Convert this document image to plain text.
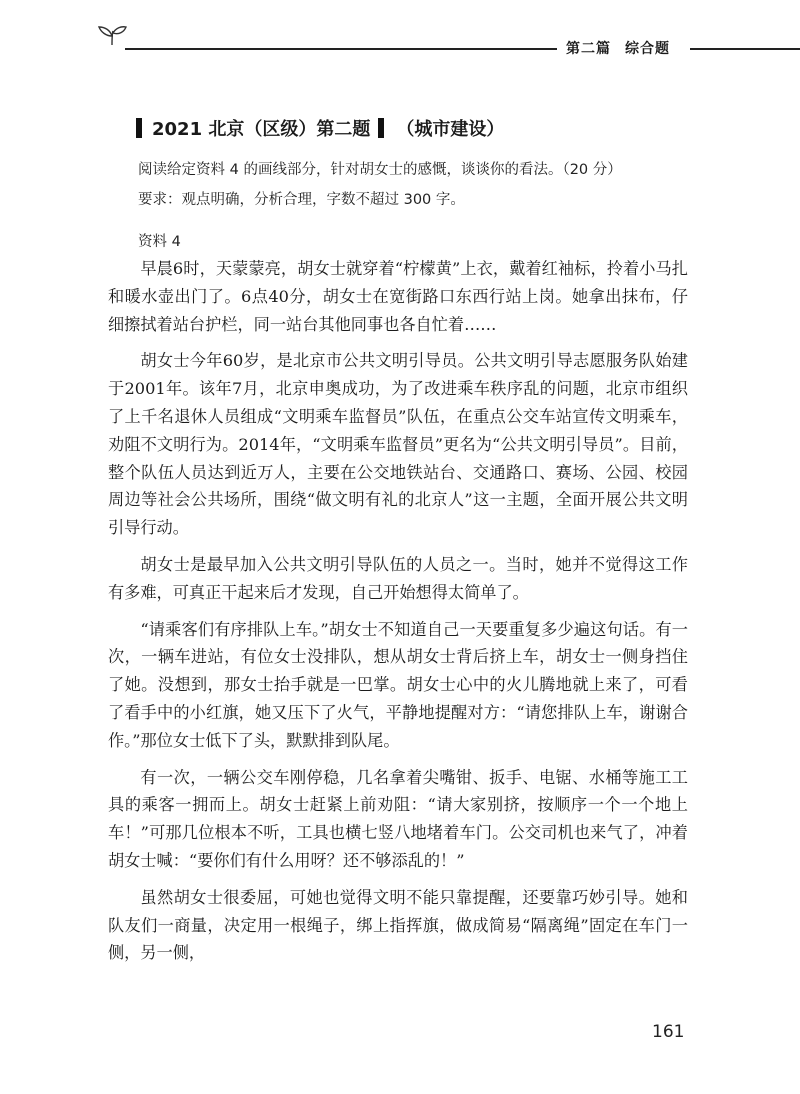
第二篇 综合题
2021 北京（区级）第二题 （城市建设）
阅读给定资料 4 的画线部分，针对胡女士的感慨，谈谈你的看法。（20 分）
要求：观点明确，分析合理，字数不超过 300 字。
资料 4

早晨6时，天蒙蒙亮，胡女士就穿着“柠檬黄”上衣，戴着红袖标，拎着小马扎和暖水壶出门了。6点40分，胡女士在宽街路口东西行站上岗。她拿出抹布，仔细擦拭着站台护栏，同一站台其他同事也各自忙着……

胡女士今年60岁，是北京市公共文明引导员。公共文明引导志愿服务队始建于2001年。该年7月，北京申奥成功，为了改进乘车秩序乱的问题，北京市组织了上千名退休人员组成“文明乘车监督员”队伍，在重点公交车站宣传文明乘车，劝阻不文明行为。2014年，“文明乘车监督员”更名为“公共文明引导员”。目前，整个队伍人员达到近万人，主要在公交地铁站台、交通路口、赛场、公园、校园周边等社会公共场所，围绕“做文明有礼的北京人”这一主题，全面开展公共文明引导行动。

胡女士是最早加入公共文明引导队伍的人员之一。当时，她并不觉得这工作有多难，可真正干起来后才发现，自己开始想得太简单了。

“请乘客们有序排队上车。”胡女士不知道自己一天要重复多少遍这句话。有一次，一辆车进站，有位女士没排队，想从胡女士背后挤上车，胡女士一侧身挡住了她。没想到，那女士抬手就是一巴掌。胡女士心中的火儿腾地就上来了，可看了看手中的小红旗，她又压下了火气，平静地提醒对方：“请您排队上车，谢谢合作。”那位女士低下了头，默默排到队尾。

有一次，一辆公交车刚停稳，几名拿着尖嘴钳、扳手、电锯、水桶等施工工具的乘客一拥而上。胡女士赶紧上前劝阻：“请大家别挤，按顺序一个一个地上车！”可那几位根本不听，工具也横七竖八地堵着车门。公交司机也来气了，冲着胡女士喊：“要你们有什么用呀？还不够添乱的！”

虽然胡女士很委屈，可她也觉得文明不能只靠提醒，还要靠巧妙引导。她和队友们一商量，决定用一根绳子，绑上指挥旗，做成简易“隔离绳”固定在车门一侧，另一侧，

161
